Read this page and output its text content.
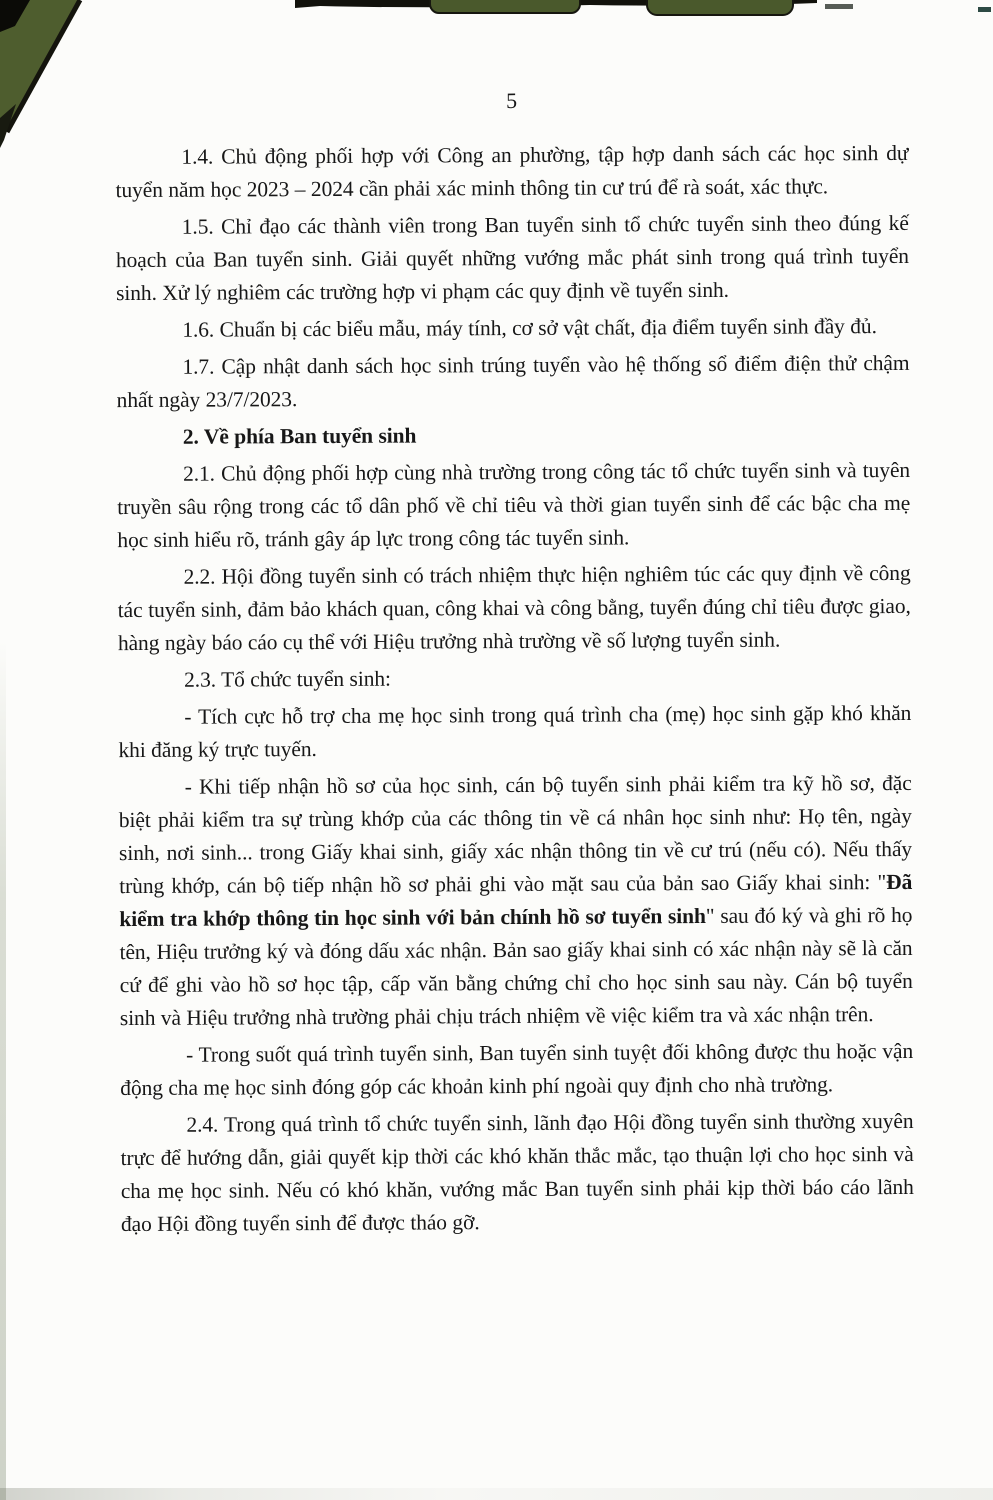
5

1.4. Chủ động phối hợp với Công an phường, tập hợp danh sách các học sinh dự tuyển năm học 2023 – 2024 cần phải xác minh thông tin cư trú để rà soát, xác thực.

1.5. Chỉ đạo các thành viên trong Ban tuyển sinh tổ chức tuyển sinh theo đúng kế hoạch của Ban tuyển sinh. Giải quyết những vướng mắc phát sinh trong quá trình tuyển sinh. Xử lý nghiêm các trường hợp vi phạm các quy định về tuyển sinh.

1.6. Chuẩn bị các biểu mẫu, máy tính, cơ sở vật chất, địa điểm tuyển sinh đầy đủ.

1.7. Cập nhật danh sách học sinh trúng tuyển vào hệ thống sổ điểm điện thử chậm nhất ngày 23/7/2023.

2. Về phía Ban tuyển sinh

2.1. Chủ động phối hợp cùng nhà trường trong công tác tổ chức tuyển sinh và tuyên truyền sâu rộng trong các tổ dân phố về chỉ tiêu và thời gian tuyển sinh để các bậc cha mẹ học sinh hiểu rõ, tránh gây áp lực trong công tác tuyển sinh.

2.2. Hội đồng tuyển sinh có trách nhiệm thực hiện nghiêm túc các quy định về công tác tuyển sinh, đảm bảo khách quan, công khai và công bằng, tuyển đúng chỉ tiêu được giao, hàng ngày báo cáo cụ thể với Hiệu trưởng nhà trường về số lượng tuyển sinh.

2.3. Tổ chức tuyển sinh:

- Tích cực hỗ trợ cha mẹ học sinh trong quá trình cha (mẹ) học sinh gặp khó khăn khi đăng ký trực tuyến.

- Khi tiếp nhận hồ sơ của học sinh, cán bộ tuyển sinh phải kiểm tra kỹ hồ sơ, đặc biệt phải kiểm tra sự trùng khớp của các thông tin về cá nhân học sinh như: Họ tên, ngày sinh, nơi sinh... trong Giấy khai sinh, giấy xác nhận thông tin về cư trú (nếu có). Nếu thấy trùng khớp, cán bộ tiếp nhận hồ sơ phải ghi vào mặt sau của bản sao Giấy khai sinh: "Đã kiểm tra khớp thông tin học sinh với bản chính hồ sơ tuyển sinh" sau đó ký và ghi rõ họ tên, Hiệu trưởng ký và đóng dấu xác nhận. Bản sao giấy khai sinh có xác nhận này sẽ là căn cứ để ghi vào hồ sơ học tập, cấp văn bằng chứng chỉ cho học sinh sau này. Cán bộ tuyển sinh và Hiệu trưởng nhà trường phải chịu trách nhiệm về việc kiểm tra và xác nhận trên.

- Trong suốt quá trình tuyển sinh, Ban tuyển sinh tuyệt đối không được thu hoặc vận động cha mẹ học sinh đóng góp các khoản kinh phí ngoài quy định cho nhà trường.

2.4. Trong quá trình tổ chức tuyển sinh, lãnh đạo Hội đồng tuyển sinh thường xuyên trực để hướng dẫn, giải quyết kịp thời các khó khăn thắc mắc, tạo thuận lợi cho học sinh và cha mẹ học sinh. Nếu có khó khăn, vướng mắc Ban tuyển sinh phải kịp thời báo cáo lãnh đạo Hội đồng tuyển sinh để được tháo gỡ.
